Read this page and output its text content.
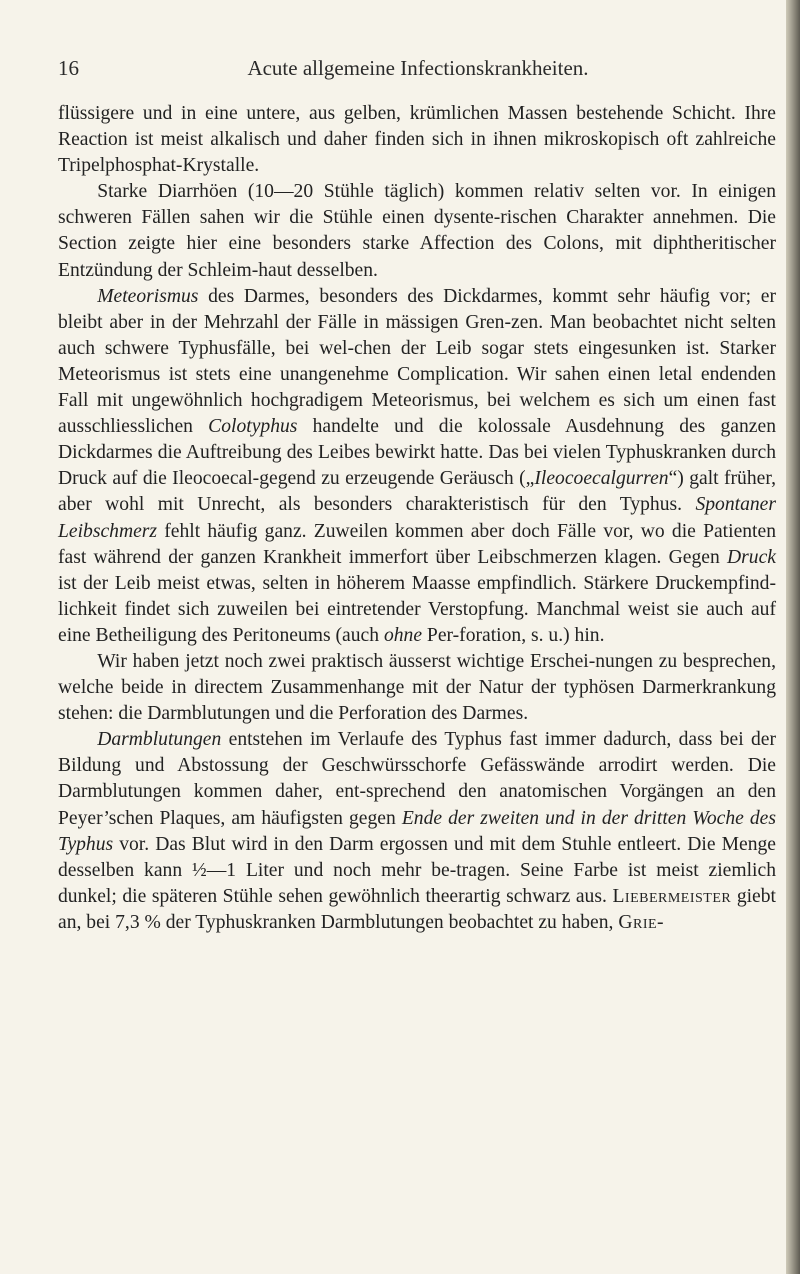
16	Acute allgemeine Infectionskrankheiten.

flüssigere und in eine untere, aus gelben, krümlichen Massen bestehende Schicht. Ihre Reaction ist meist alkalisch und daher finden sich in ihnen mikroskopisch oft zahlreiche Tripelphosphat-Krystalle.

Starke Diarrhöen (10—20 Stühle täglich) kommen relativ selten vor. In einigen schweren Fällen sahen wir die Stühle einen dysente-rischen Charakter annehmen. Die Section zeigte hier eine besonders starke Affection des Colons, mit diphtheritischer Entzündung der Schleim-haut desselben.

Meteorismus des Darmes, besonders des Dickdarmes, kommt sehr häufig vor; er bleibt aber in der Mehrzahl der Fälle in mässigen Gren-zen. Man beobachtet nicht selten auch schwere Typhusfälle, bei wel-chen der Leib sogar stets eingesunken ist. Starker Meteorismus ist stets eine unangenehme Complication. Wir sahen einen letal endenden Fall mit ungewöhnlich hochgradigem Meteorismus, bei welchem es sich um einen fast ausschliesslichen Colotyphus handelte und die kolossale Ausdehnung des ganzen Dickdarmes die Auftreibung des Leibes bewirkt hatte. Das bei vielen Typhuskranken durch Druck auf die Ileocoecal-gegend zu erzeugende Geräusch („Ileocoecalgurren“) galt früher, aber wohl mit Unrecht, als besonders charakteristisch für den Typhus. Spontaner Leibschmerz fehlt häufig ganz. Zuweilen kommen aber doch Fälle vor, wo die Patienten fast während der ganzen Krankheit immerfort über Leibschmerzen klagen. Gegen Druck ist der Leib meist etwas, selten in höherem Maasse empfindlich. Stärkere Druckempfind-lichkeit findet sich zuweilen bei eintretender Verstopfung. Manchmal weist sie auch auf eine Betheiligung des Peritoneums (auch ohne Per-foration, s. u.) hin.

Wir haben jetzt noch zwei praktisch äusserst wichtige Erschei-nungen zu besprechen, welche beide in directem Zusammenhange mit der Natur der typhösen Darmerkrankung stehen: die Darmblutungen und die Perforation des Darmes.

Darmblutungen entstehen im Verlaufe des Typhus fast immer dadurch, dass bei der Bildung und Abstossung der Geschwürsschorfe Gefässwände arrodirt werden. Die Darmblutungen kommen daher, ent-sprechend den anatomischen Vorgängen an den Peyer’schen Plaques, am häufigsten gegen Ende der zweiten und in der dritten Woche des Typhus vor. Das Blut wird in den Darm ergossen und mit dem Stuhle entleert. Die Menge desselben kann ½—1 Liter und noch mehr be-tragen. Seine Farbe ist meist ziemlich dunkel; die späteren Stühle sehen gewöhnlich theerartig schwarz aus. Liebermeister giebt an, bei 7,3 % der Typhuskranken Darmblutungen beobachtet zu haben, Grie-
